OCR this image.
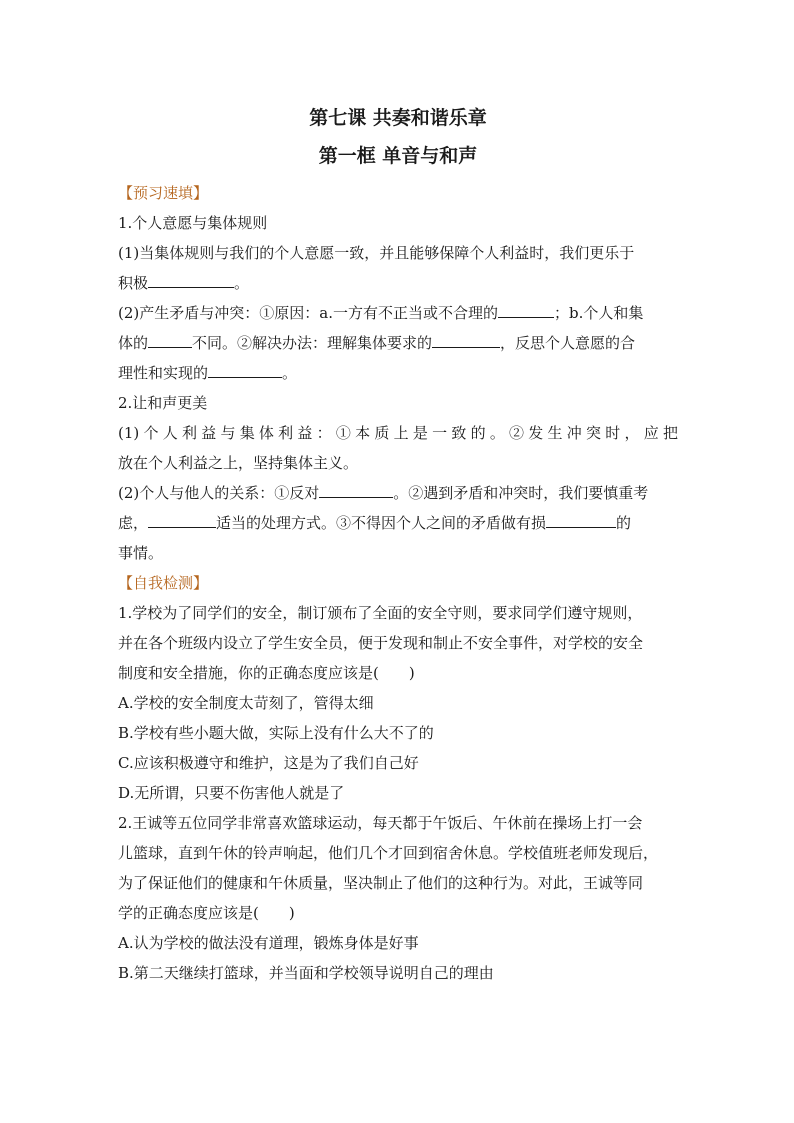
第七课 共奏和谐乐章
第一框 单音与和声

【预习速填】

1.个人意愿与集体规则

(1)当集体规则与我们的个人意愿一致，并且能够保障个人利益时，我们更乐于

积极	。

(2)产生矛盾与冲突：①原因：a.一方有不正当或不合理的	；b.个人和集

体的	不同。②解决办法：理解集体要求的	，反思个人意愿的合

理性和实现的	。

2.让和声更美

(1)个人利益与集体利益：①本质上是一致的。②发生冲突时，应把

放在个人利益之上，坚持集体主义。

(2)个人与他人的关系：①反对	。②遇到矛盾和冲突时，我们要慎重考

虑，	适当的处理方式。③不得因个人之间的矛盾做有损	的

事情。

【自我检测】

1.学校为了同学们的安全，制订颁布了全面的安全守则，要求同学们遵守规则，

并在各个班级内设立了学生安全员，便于发现和制止不安全事件，对学校的安全

制度和安全措施，你的正确态度应该是(　　)

A.学校的安全制度太苛刻了，管得太细

B.学校有些小题大做，实际上没有什么大不了的

C.应该积极遵守和维护，这是为了我们自己好

D.无所谓，只要不伤害他人就是了

2.王诚等五位同学非常喜欢篮球运动，每天都于午饭后、午休前在操场上打一会

儿篮球，直到午休的铃声响起，他们几个才回到宿舍休息。学校值班老师发现后，

为了保证他们的健康和午休质量，坚决制止了他们的这种行为。对此，王诚等同

学的正确态度应该是(　　)

A.认为学校的做法没有道理，锻炼身体是好事

B.第二天继续打篮球，并当面和学校领导说明自己的理由
